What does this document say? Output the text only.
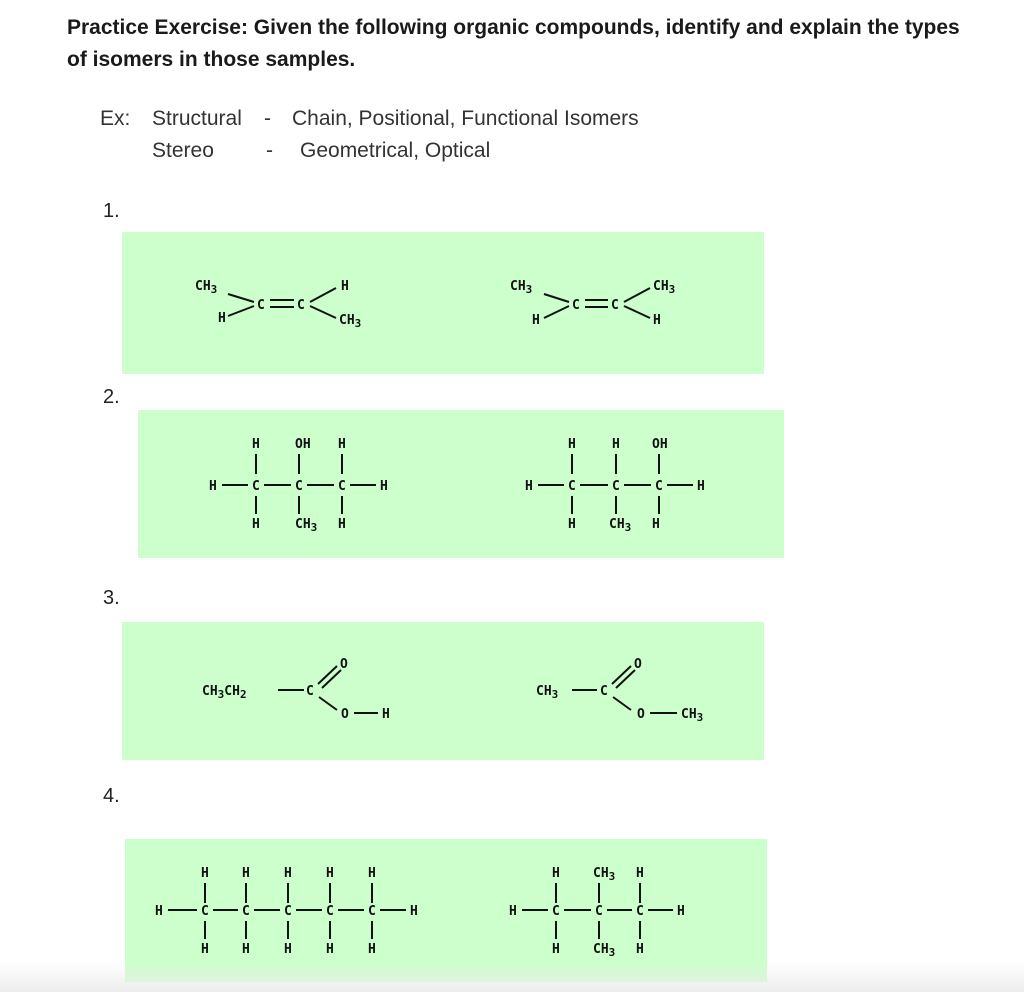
Practice Exercise: Given the following organic compounds, identify and explain the types of isomers in those samples.
Ex: Structural - Chain, Positional, Functional Isomers
Stereo - Geometrical, Optical
1.
2.
3.
4.
$CH_3$
H
C C
H
$CH_3$
$CH_3$
H
C C
$CH_3$
H
H	OH H
H	C	C	C	H
H	$CH_3$ H
H	H OH
H	C	C	C	H
H	$CH_3$ H
$CH_3CH_2$	C
O
O	H
$CH_3$	C
O
O	$CH_3$
H
H
C
H
H
C
H
H
C
H
H
C
H
H
C
H
H
H	$CH_3$ H
H	C	C	C	H
H	$CH_3$ H
